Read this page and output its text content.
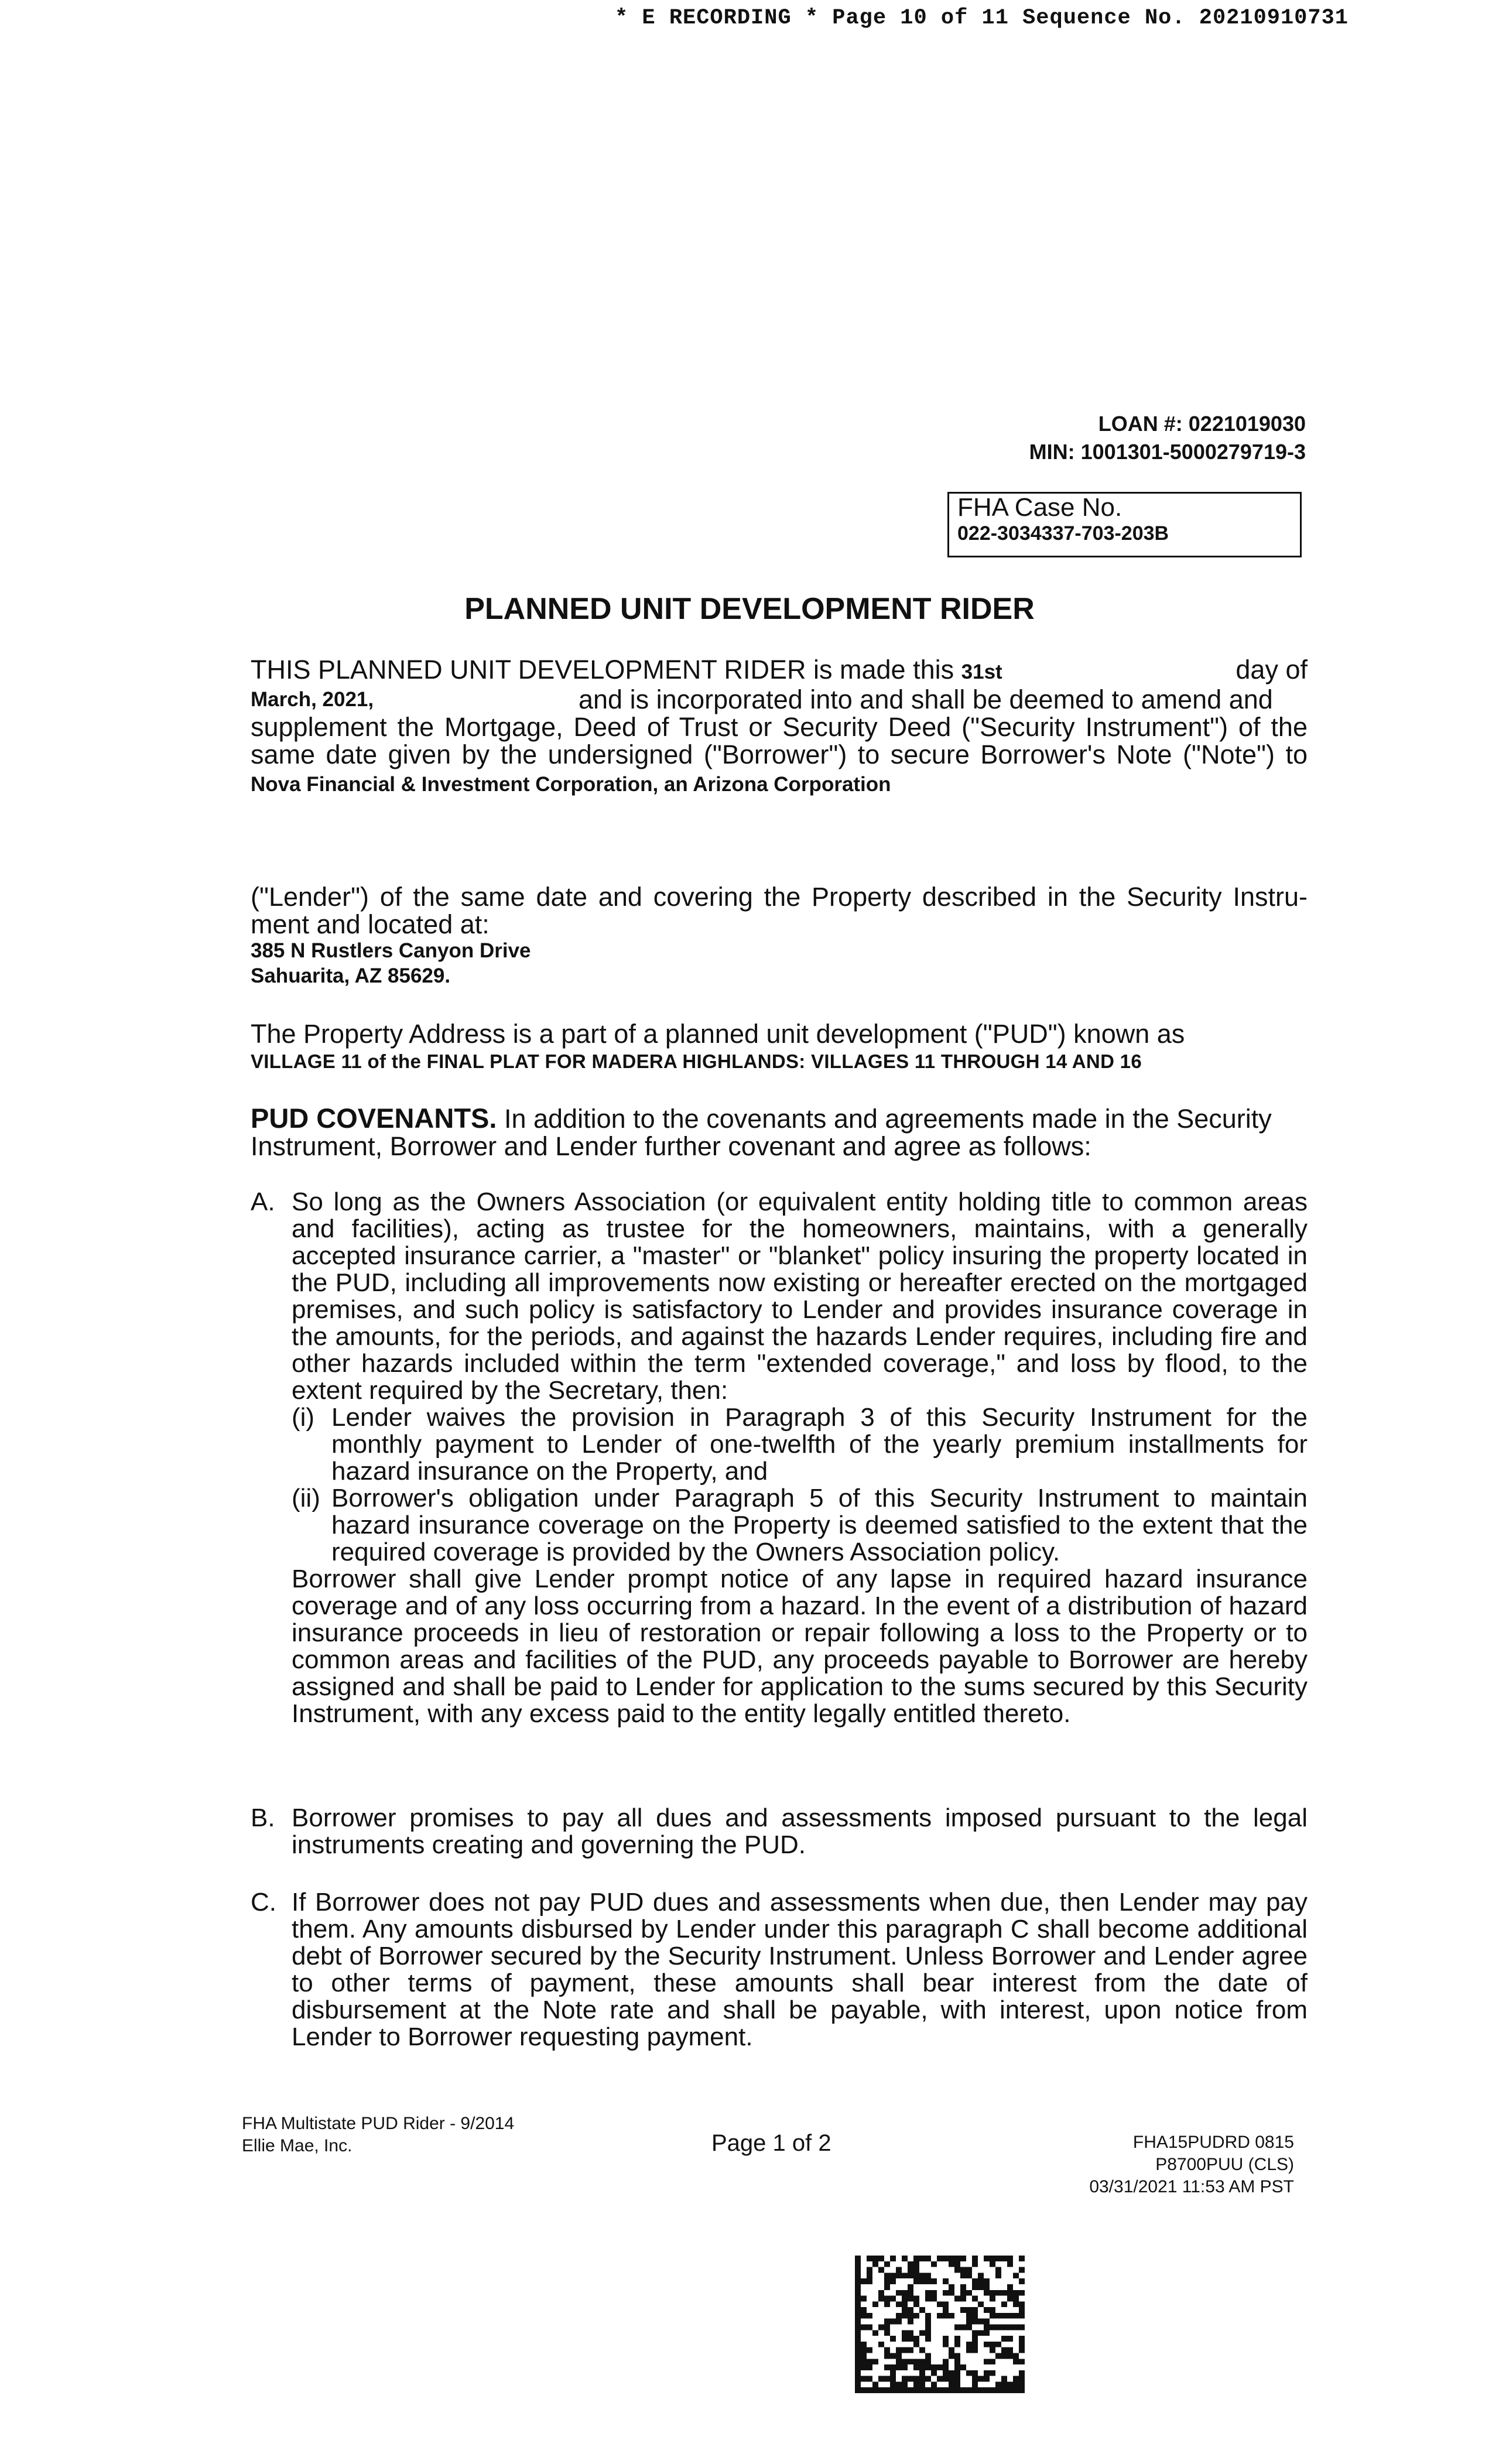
* E RECORDING * Page 10 of 11 Sequence No. 20210910731
LOAN #: 0221019030
MIN: 1001301-5000279719-3
FHA Case No.
022-3034337-703-203B
PLANNED UNIT DEVELOPMENT RIDER
THIS PLANNED UNIT DEVELOPMENT RIDER is made this 31st	day of
March, 2021,	and is incorporated into and shall be deemed to amend and
supplement the Mortgage, Deed of Trust or Security Deed ("Security Instrument") of the
same date given by the undersigned ("Borrower") to secure Borrower's Note ("Note") to
Nova Financial & Investment Corporation, an Arizona Corporation
("Lender") of the same date and covering the Property described in the Security Instru-
ment and located at:
385 N Rustlers Canyon Drive
Sahuarita, AZ 85629.
The Property Address is a part of a planned unit development ("PUD") known as
VILLAGE 11 of the FINAL PLAT FOR MADERA HIGHLANDS: VILLAGES 11 THROUGH 14 AND 16
PUD COVENANTS. In addition to the covenants and agreements made in the Security Instrument, Borrower and Lender further covenant and agree as follows:
A. So long as the Owners Association (or equivalent entity holding title to common areas and facilities), acting as trustee for the homeowners, maintains, with a generally accepted insurance carrier, a "master" or "blanket" policy insuring the property located in the PUD, including all improvements now existing or hereafter erected on the mortgaged premises, and such policy is satisfactory to Lender and provides insurance coverage in the amounts, for the periods, and against the hazards Lender requires, including fire and other hazards included within the term "extended coverage," and loss by flood, to the extent required by the Secretary, then:
(i) Lender waives the provision in Paragraph 3 of this Security Instrument for the monthly payment to Lender of one-twelfth of the yearly premium installments for hazard insurance on the Property, and
(ii) Borrower's obligation under Paragraph 5 of this Security Instrument to maintain hazard insurance coverage on the Property is deemed satisfied to the extent that the required coverage is provided by the Owners Association policy.
Borrower shall give Lender prompt notice of any lapse in required hazard insurance coverage and of any loss occurring from a hazard. In the event of a distribution of hazard insurance proceeds in lieu of restoration or repair following a loss to the Property or to common areas and facilities of the PUD, any proceeds payable to Borrower are hereby assigned and shall be paid to Lender for application to the sums secured by this Security Instrument, with any excess paid to the entity legally entitled thereto.
B. Borrower promises to pay all dues and assessments imposed pursuant to the legal instruments creating and governing the PUD.
C. If Borrower does not pay PUD dues and assessments when due, then Lender may pay them. Any amounts disbursed by Lender under this paragraph C shall become additional debt of Borrower secured by the Security Instrument. Unless Borrower and Lender agree to other terms of payment, these amounts shall bear interest from the date of disbursement at the Note rate and shall be payable, with interest, upon notice from Lender to Borrower requesting payment.
FHA Multistate PUD Rider - 9/2014
Ellie Mae, Inc.	Page 1 of 2	FHA15PUDRD 0815
P8700PUU (CLS)
03/31/2021 11:53 AM PST
